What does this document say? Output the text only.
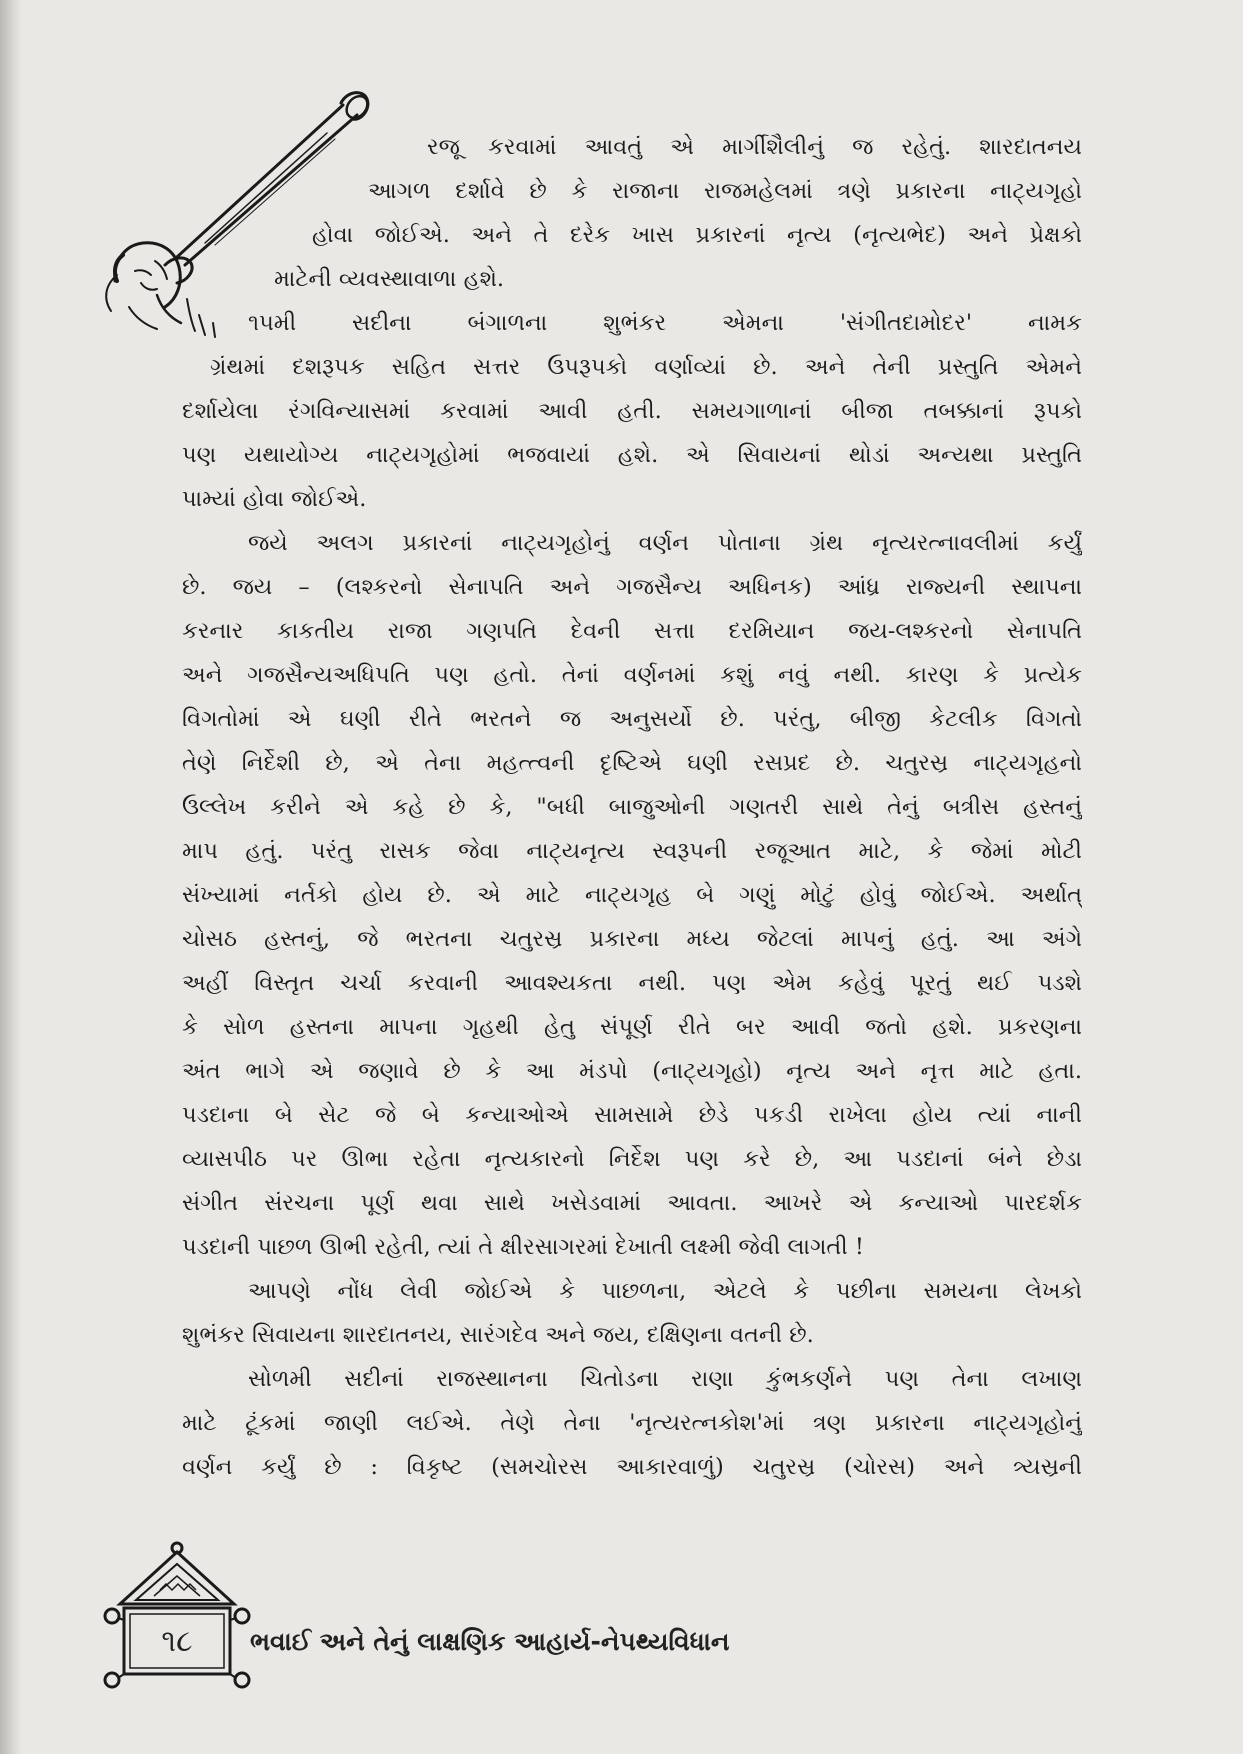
રજૂ કરવામાં આવતું એ માર્ગીશૈલીનું જ રહેતું. શારદાતનય
આગળ દર્શાવે છે કે રાજાના રાજમહેલમાં ત્રણે પ્રકારના નાટ્યગૃહો
હોવા જોઈએ. અને તે દરેક ખાસ પ્રકારનાં નૃત્ય (નૃત્યભેદ) અને પ્રેક્ષકો
માટેની વ્યવસ્થાવાળા હશે.
૧૫મી સદીના બંગાળના શુભંકર એમના 'સંગીતદામોદર' નામક
ગ્રંથમાં દશરૂપક સહિત સત્તર ઉપરૂપકો વર્ણાવ્યાં છે. અને તેની પ્રસ્તુતિ એમને
દર્શાયેલા રંગવિન્યાસમાં કરવામાં આવી હતી. સમયગાળાનાં બીજા તબક્કાનાં રૂપકો
પણ યથાયોગ્ય નાટ્યગૃહોમાં ભજવાયાં હશે. એ સિવાયનાં થોડાં અન્યથા પ્રસ્તુતિ
પામ્યાં હોવા જોઈએ.
જયે અલગ પ્રકારનાં નાટ્યગૃહોનું વર્ણન પોતાના ગ્રંથ નૃત્યરત્નાવલીમાં કર્યું
છે. જય – (લશ્કરનો સેનાપતિ અને ગજસૈન્ય અધિનક) આંધ્ર રાજ્યની સ્થાપના
કરનાર કાકતીય રાજા ગણપતિ દેવની સત્તા દરમિયાન જય-લશ્કરનો સેનાપતિ
અને ગજસૈન્યઅધિપતિ પણ હતો. તેનાં વર્ણનમાં કશું નવું નથી. કારણ કે પ્રત્યેક
વિગતોમાં એ ઘણી રીતે ભરતને જ અનુસર્યો છે. પરંતુ, બીજી કેટલીક વિગતો
તેણે નિર્દેશી છે, એ તેના મહત્ત્વની દૃષ્ટિએ ઘણી રસપ્રદ છે. ચતુરસ્ર નાટ્યગૃહનો
ઉલ્લેખ કરીને એ કહે છે કે, "બધી બાજુઓની ગણતરી સાથે તેનું બત્રીસ હસ્તનું
માપ હતું. પરંતુ રાસક જેવા નાટ્યનૃત્ય સ્વરૂપની રજૂઆત માટે, કે જેમાં મોટી
સંખ્યામાં નર્તકો હોય છે. એ માટે નાટ્યગૃહ બે ગણું મોટું હોવું જોઈએ. અર્થાત્
ચોસઠ હસ્તનું, જે ભરતના ચતુરસ્ર પ્રકારના મધ્ય જેટલાં માપનું હતું. આ અંગે
અહીં વિસ્તૃત ચર્ચા કરવાની આવશ્યકતા નથી. પણ એમ કહેવું પૂરતું થઈ પડશે
કે સોળ હસ્તના માપના ગૃહથી હેતુ સંપૂર્ણ રીતે બર આવી જતો હશે. પ્રકરણના
અંત ભાગે એ જણાવે છે કે આ મંડપો (નાટ્યગૃહો) નૃત્ય અને નૃત્ત માટે હતા.
પડદાના બે સેટ જે બે કન્યાઓએ સામસામે છેડે પકડી રાખેલા હોય ત્યાં નાની
વ્યાસપીઠ પર ઊભા રહેતા નૃત્યકારનો નિર્દેશ પણ કરે છે, આ પડદાનાં બંને છેડા
સંગીત સંરચના પૂર્ણ થવા સાથે ખસેડવામાં આવતા. આખરે એ કન્યાઓ પારદર્શક
પડદાની પાછળ ઊભી રહેતી, ત્યાં તે ક્ષીરસાગરમાં દેખાતી લક્ષ્મી જેવી લાગતી !
આપણે નોંધ લેવી જોઈએ કે પાછળના, એટલે કે પછીના સમયના લેખકો
શુભંકર સિવાયના શારદાતનય, સારંગદેવ અને જય, દક્ષિણના વતની છે.
સોળમી સદીનાં રાજસ્થાનના ચિતોડના રાણા કુંભકર્ણને પણ તેના લખાણ
માટે ટૂંકમાં જાણી લઈએ. તેણે તેના 'નૃત્યરત્નકોશ'માં ત્રણ પ્રકારના નાટ્યગૃહોનું
વર્ણન કર્યું છે : વિકૃષ્ટ (સમચોરસ આકારવાળું) ચતુરસ્ર (ચોરસ) અને ત્ર્યસ્રની
૧૮	ભવાઈ અને તેનું લાક્ષણિક આહાર્ય-નેપથ્યવિધાન
